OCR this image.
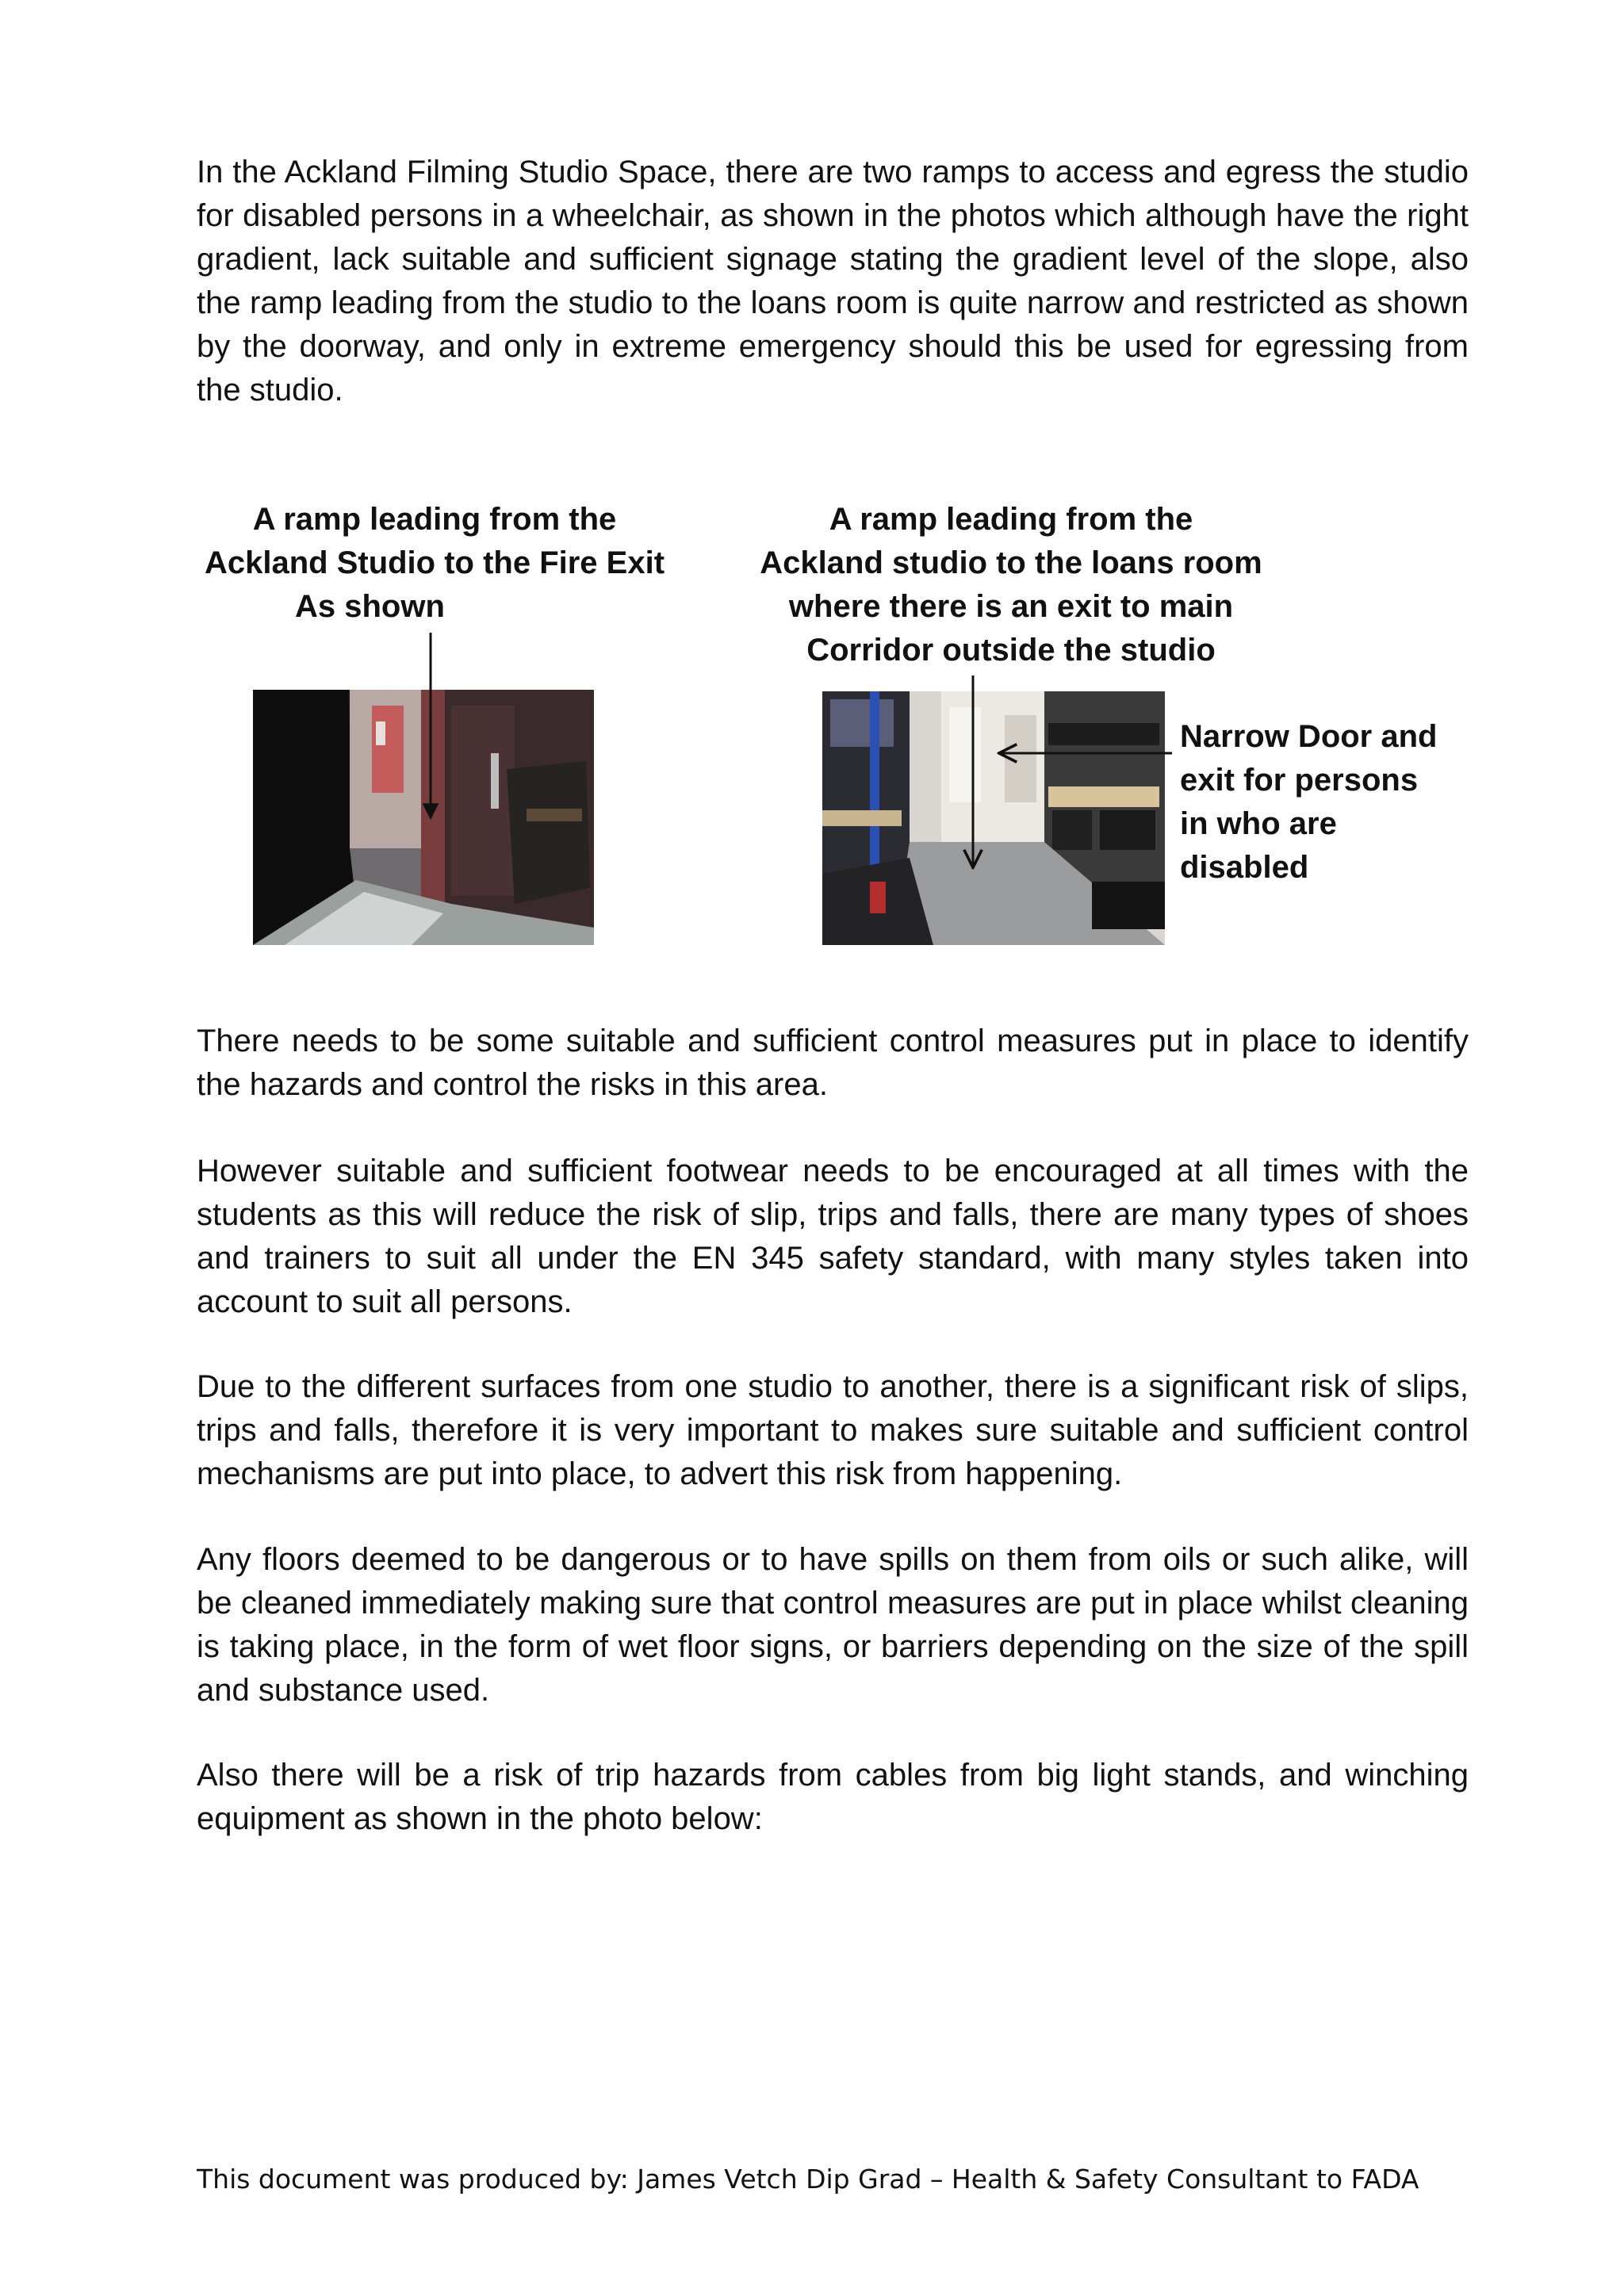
In the Ackland Filming Studio Space, there are two ramps to access and egress the studio for disabled persons in a wheelchair, as shown in the photos which although have the right gradient, lack suitable and sufficient signage stating the gradient level of the slope, also the ramp leading from the studio to the loans room is quite narrow and restricted as shown by the doorway, and only in extreme emergency should this be used for egressing from the studio.

A ramp leading from the
Ackland Studio to the Fire Exit
As shown
A ramp leading from the
Ackland studio to the loans room
where there is an exit to main
Corridor outside the studio
Narrow Door and
exit for persons
in who are
disabled

There needs to be some suitable and sufficient control measures put in place to identify the hazards and control the risks in this area.

However suitable and sufficient footwear needs to be encouraged at all times with the students as this will reduce the risk of slip, trips and falls, there are many types of shoes and trainers to suit all under the EN 345 safety standard, with many styles taken into account to suit all persons.

Due to the different surfaces from one studio to another, there is a significant risk of slips, trips and falls, therefore it is very important to makes sure suitable and sufficient control mechanisms are put into place, to advert this risk from happening.

Any floors deemed to be dangerous or to have spills on them from oils or such alike, will be cleaned immediately making sure that control measures are put in place whilst cleaning is taking place, in the form of wet floor signs, or barriers depending on the size of the spill and substance used.

Also there will be a risk of trip hazards from cables from big light stands, and winching equipment as shown in the photo below:

This document was produced by: James Vetch Dip Grad – Health & Safety Consultant to FADA
